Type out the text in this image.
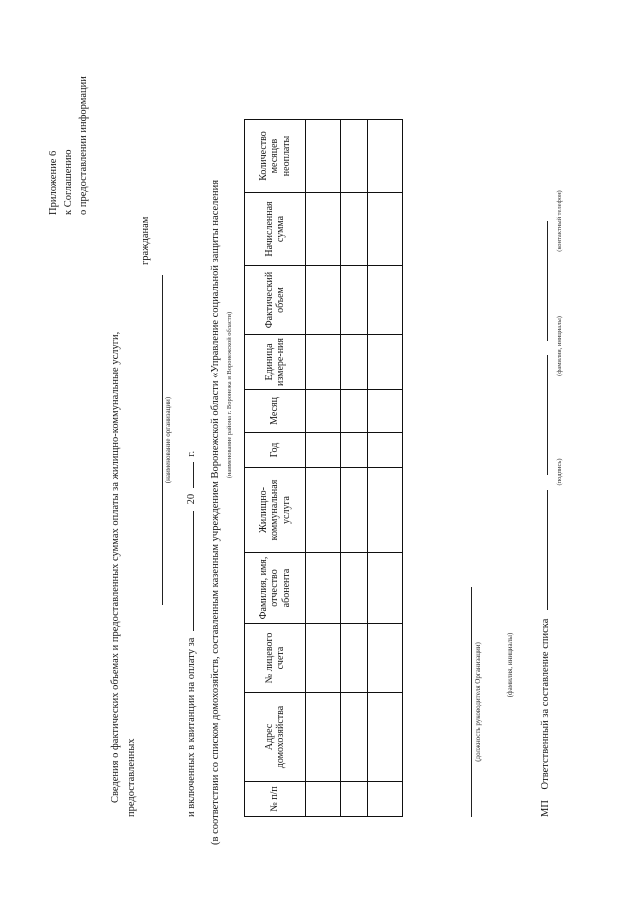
Приложение 6 к Соглашению о предоставлении информации
Сведения о фактических объемах и предоставленных суммах оплаты за жилищно-коммунальные услуги, предоставленных
гражданам
(наименование организации)
и включенных в квитанции на оплату за  20  г. (в соответствии со списком домохозяйств, составленным казенным учреждением Воронежской области «Управление социальной защиты населения (наименование района г. Воронежа и Воронежской области)
№ п/п	Адрес домохозяйства	№ лицевого счета	Фамилия, имя, отчество абонента	Жилищно-коммунальная услуга	Год	Месяц	Единица измере-ния	Фактический объем	Начисленная сумма	Количество месяцев неоплаты

(должность руководителя Организации)	(фамилия, инициалы)
МП Ответственный за составление списка
(подпись)
(фамилия, инициалы)
(контактный телефон)
